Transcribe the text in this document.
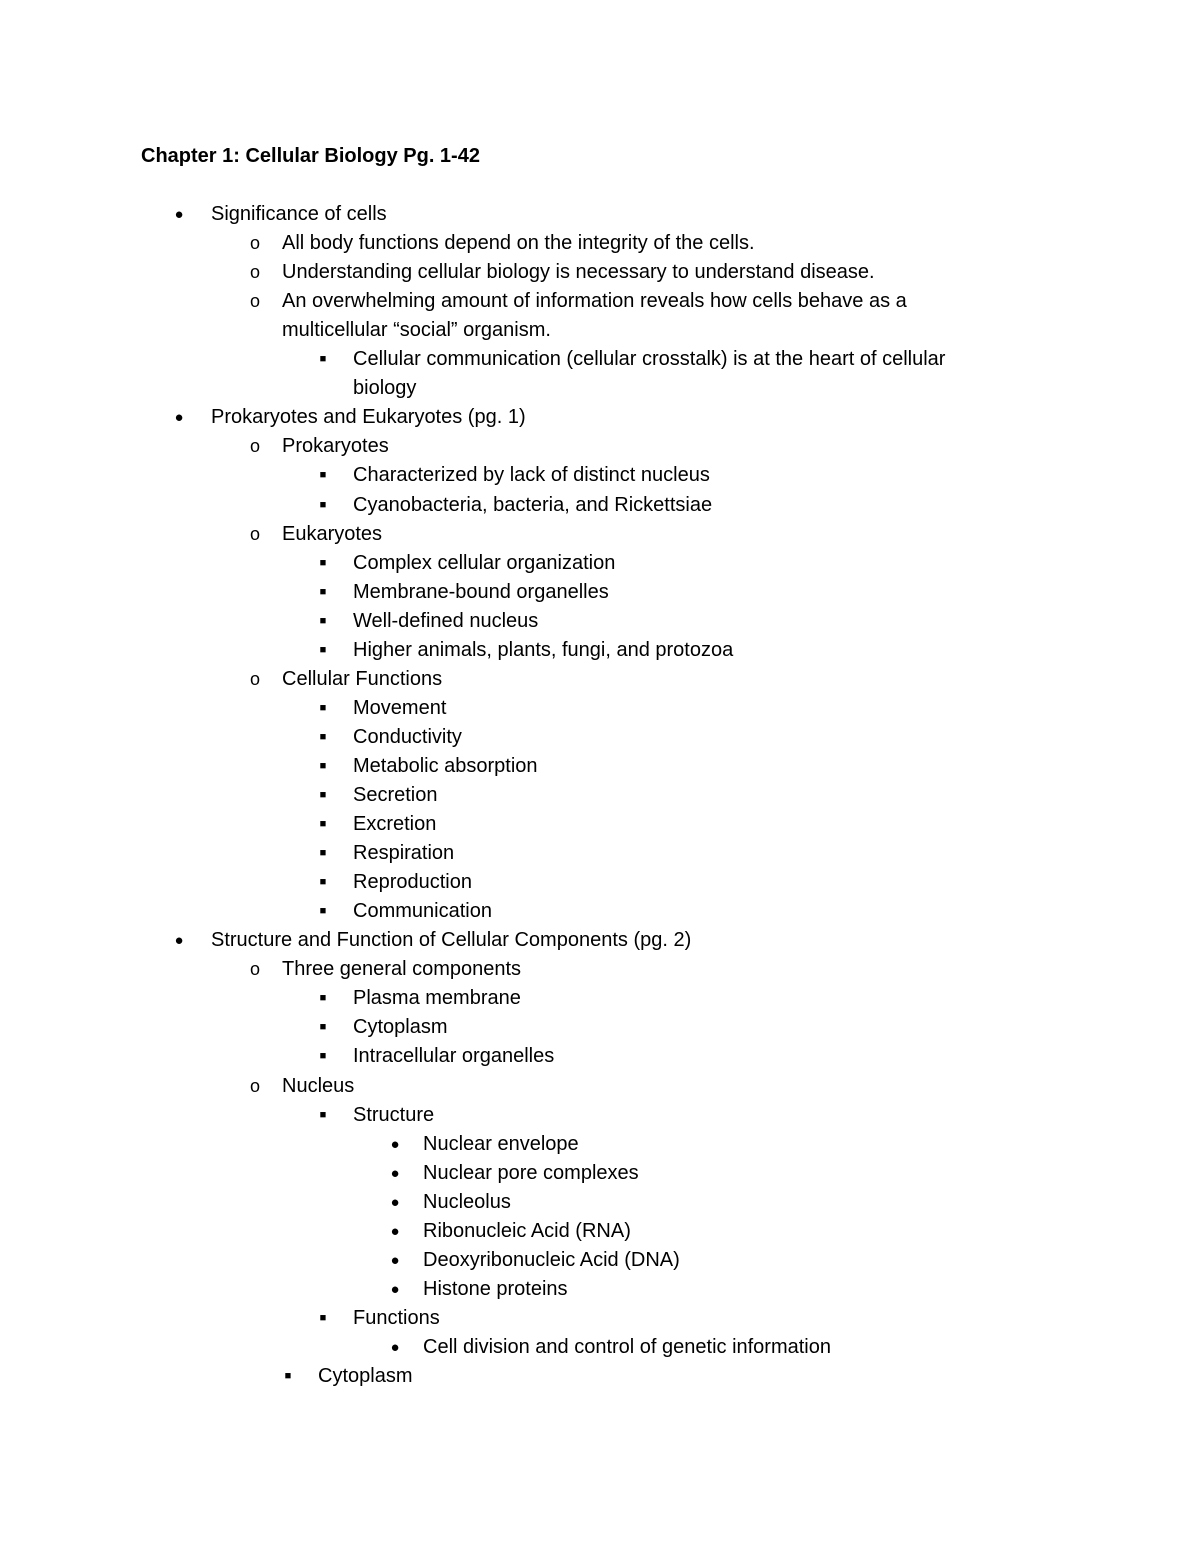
Chapter 1: Cellular Biology Pg. 1-42
● Significance of cells
o All body functions depend on the integrity of the cells.
o Understanding cellular biology is necessary to understand disease.
o An overwhelming amount of information reveals how cells behave as a
multicellular “social” organism.
■ Cellular communication (cellular crosstalk) is at the heart of cellular
biology
● Prokaryotes and Eukaryotes (pg. 1)
o Prokaryotes
■ Characterized by lack of distinct nucleus
■ Cyanobacteria, bacteria, and Rickettsiae
o Eukaryotes
■ Complex cellular organization
■ Membrane-bound organelles
■ Well-defined nucleus
■ Higher animals, plants, fungi, and protozoa
o Cellular Functions
■ Movement
■ Conductivity
■ Metabolic absorption
■ Secretion
■ Excretion
■ Respiration
■ Reproduction
■ Communication
● Structure and Function of Cellular Components (pg. 2)
o Three general components
■ Plasma membrane
■ Cytoplasm
■ Intracellular organelles
o Nucleus
■ Structure
● Nuclear envelope
● Nuclear pore complexes
● Nucleolus
● Ribonucleic Acid (RNA)
● Deoxyribonucleic Acid (DNA)
● Histone proteins
■ Functions
● Cell division and control of genetic information
■ Cytoplasm
